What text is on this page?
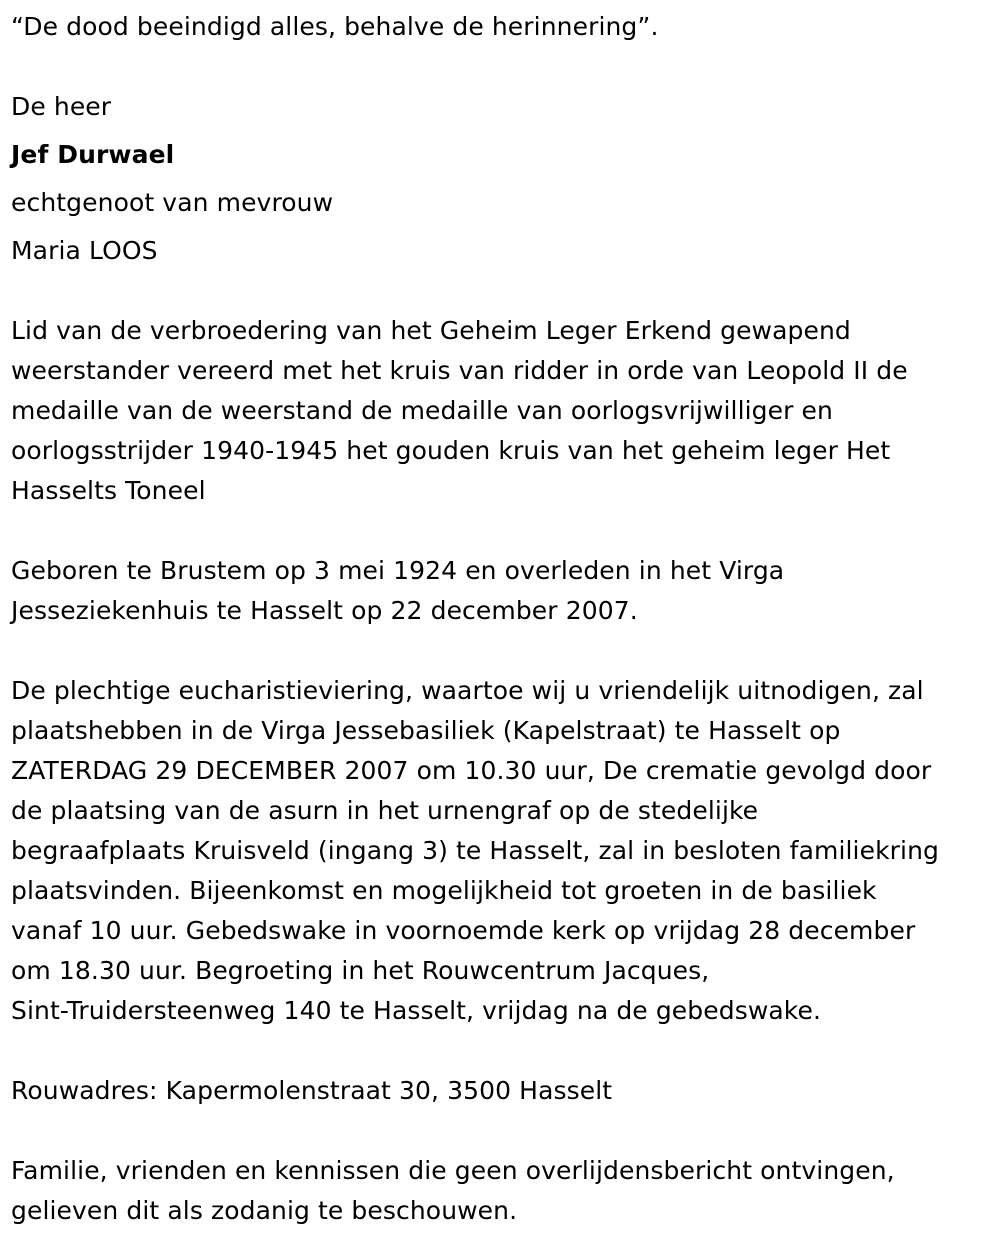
“De dood beeindigd alles, behalve de herinnering”.
De heer
Jef Durwael
echtgenoot van mevrouw
Maria LOOS
Lid van de verbroedering van het Geheim Leger Erkend gewapend
weerstander vereerd met het kruis van ridder in orde van Leopold II de
medaille van de weerstand de medaille van oorlogsvrijwilliger en
oorlogsstrijder 1940-1945 het gouden kruis van het geheim leger Het
Hasselts Toneel
Geboren te Brustem op 3 mei 1924 en overleden in het Virga
Jesseziekenhuis te Hasselt op 22 december 2007.
De plechtige eucharistieviering, waartoe wij u vriendelijk uitnodigen, zal
plaatshebben in de Virga Jessebasiliek (Kapelstraat) te Hasselt op
ZATERDAG 29 DECEMBER 2007 om 10.30 uur, De crematie gevolgd door
de plaatsing van de asurn in het urnengraf op de stedelijke
begraafplaats Kruisveld (ingang 3) te Hasselt, zal in besloten familiekring
plaatsvinden. Bijeenkomst en mogelijkheid tot groeten in de basiliek
vanaf 10 uur. Gebedswake in voornoemde kerk op vrijdag 28 december
om 18.30 uur. Begroeting in het Rouwcentrum Jacques,
Sint-Truidersteenweg 140 te Hasselt, vrijdag na de gebedswake.
Rouwadres: Kapermolenstraat 30, 3500 Hasselt
Familie, vrienden en kennissen die geen overlijdensbericht ontvingen,
gelieven dit als zodanig te beschouwen.
